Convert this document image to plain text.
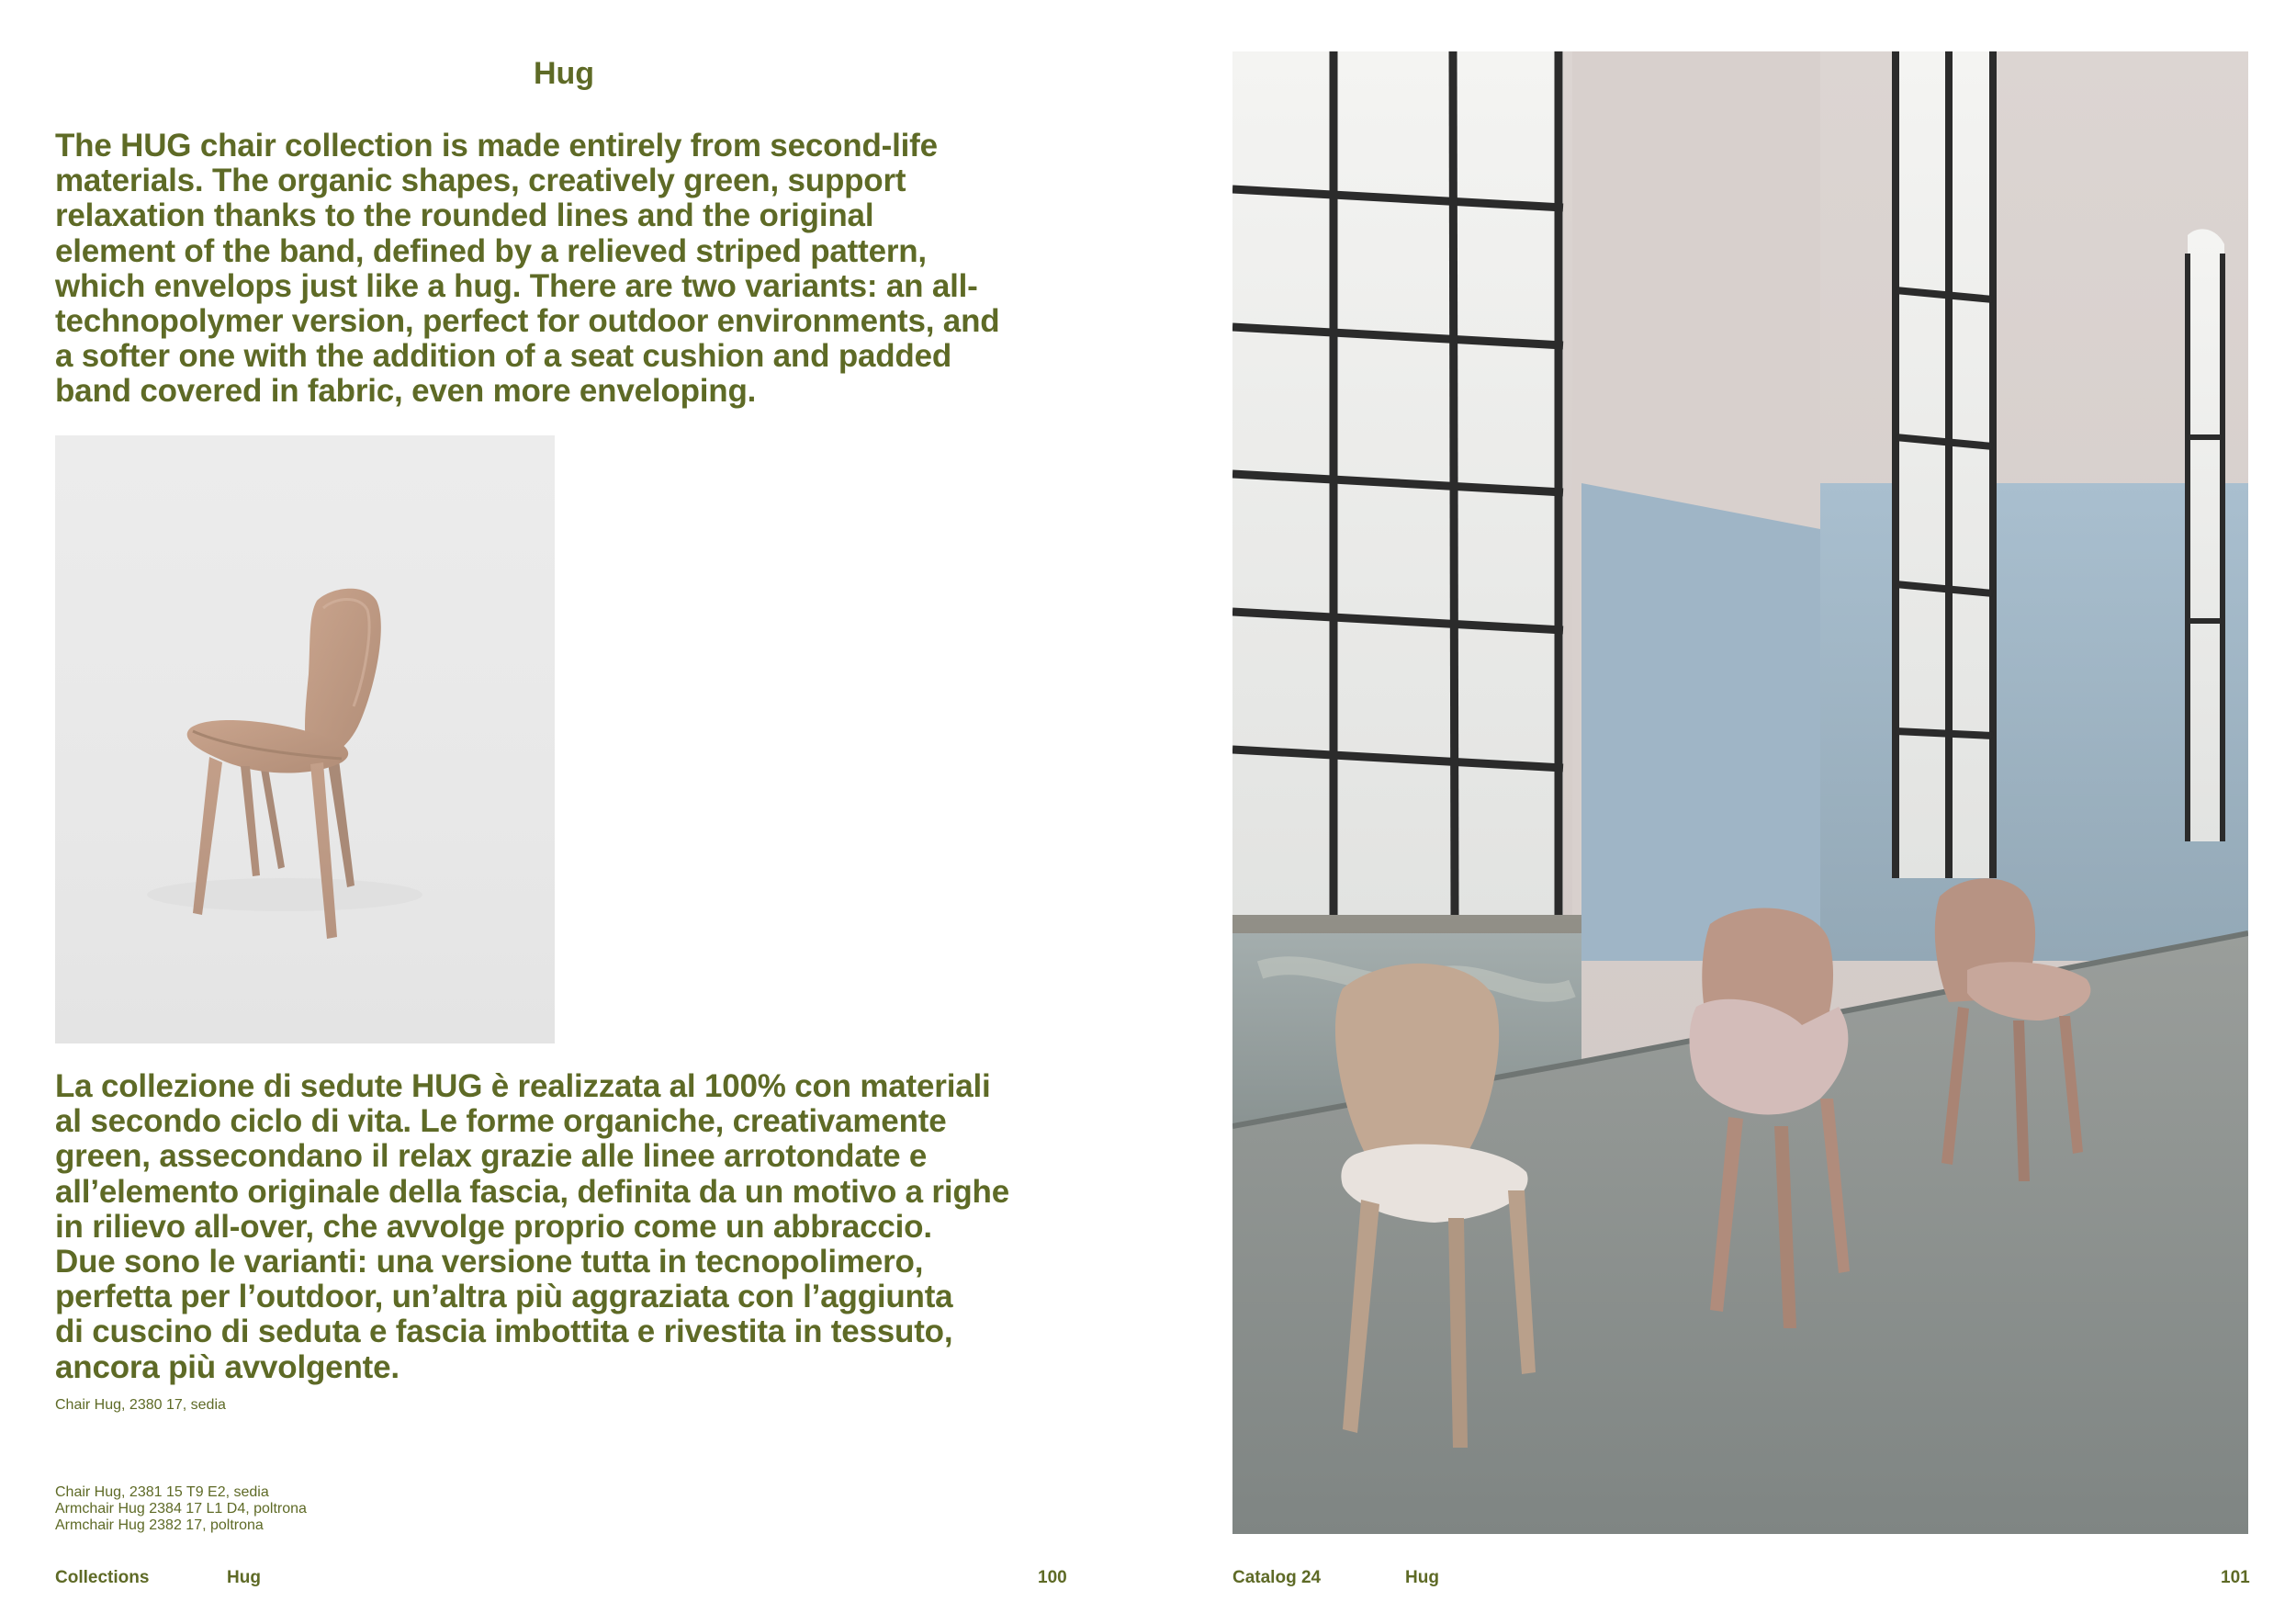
Hug
The HUG chair collection is made entirely from second-life
materials. The organic shapes, creatively green, support
relaxation thanks to the rounded lines and the original
element of the band, defined by a relieved striped pattern,
which envelops just like a hug. There are two variants: an all-
technopolymer version, perfect for outdoor environments, and
a softer one with the addition of a seat cushion and padded
band covered in fabric, even more enveloping.
La collezione di sedute HUG è realizzata al 100% con materiali
al secondo ciclo di vita. Le forme organiche, creativamente
green, assecondano il relax grazie alle linee arrotondate e
all’elemento originale della fascia, definita da un motivo a righe
in rilievo all-over, che avvolge proprio come un abbraccio.
Due sono le varianti: una versione tutta in tecnopolimero,
perfetta per l’outdoor, un’altra più aggraziata con l’aggiunta
di cuscino di seduta e fascia imbottita e rivestita in tessuto,
ancora più avvolgente.

Chair Hug, 2380 17, sedia

Chair Hug, 2381 15 T9 E2, sedia
Armchair Hug 2384 17 L1 D4, poltrona
Armchair Hug 2382 17, poltrona
Collections	Hug	100	Catalog 24	Hug	101
